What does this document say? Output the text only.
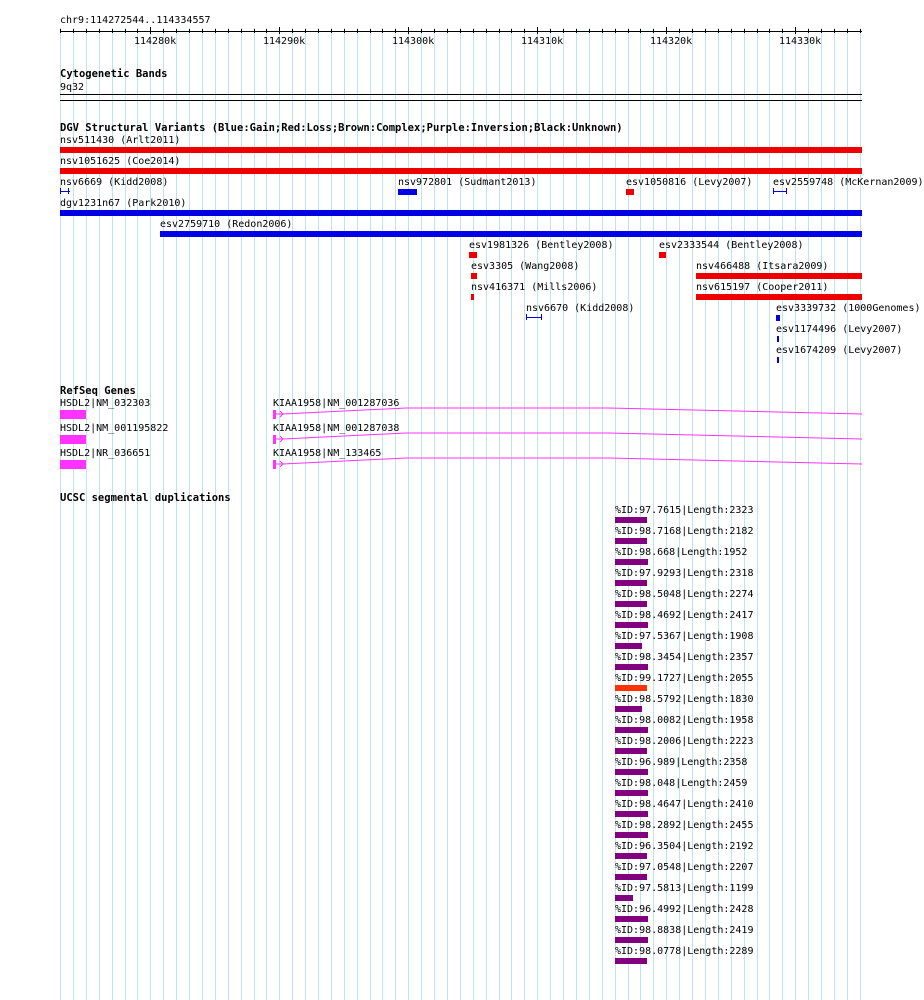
chr9:114272544..114334557
114280k	114290k	114300k	114310k	114320k	114330k
Cytogenetic Bands
9q32
DGV Structural Variants (Blue:Gain;Red:Loss;Brown:Complex;Purple:Inversion;Black:Unknown)
nsv511430 (Arlt2011)
nsv1051625 (Coe2014)
nsv6669 (Kidd2008)	nsv972801 (Sudmant2013)	esv1050816 (Levy2007) esv2559748 (McKernan2009)
dgv1231n67 (Park2010)
esv2759710 (Redon2006)
esv1981326 (Bentley2008)	esv2333544 (Bentley2008)
esv3305 (Wang2008)	nsv466488 (Itsara2009)
nsv416371 (Mills2006)	nsv615197 (Cooper2011)
nsv6670 (Kidd2008)	esv3339732 (1000Genomes)
esv1174496 (Levy2007)
esv1674209 (Levy2007)
RefSeq Genes
HSDL2|NM_032303
HSDL2|NM_001195822
HSDL2|NR_036651
KIAA1958|NM_001287036
KIAA1958|NM_001287038
KIAA1958|NM_133465
UCSC segmental duplications
%ID:97.7615|Length:2323
%ID:98.7168|Length:2182
%ID:98.668|Length:1952
%ID:97.9293|Length:2318
%ID:98.5048|Length:2274
%ID:98.4692|Length:2417
%ID:97.5367|Length:1908
%ID:98.3454|Length:2357
%ID:99.1727|Length:2055
%ID:98.5792|Length:1830
%ID:98.0082|Length:1958
%ID:98.2006|Length:2223
%ID:96.989|Length:2358
%ID:98.048|Length:2459
%ID:98.4647|Length:2410
%ID:98.2892|Length:2455
%ID:96.3504|Length:2192
%ID:97.0548|Length:2207
%ID:97.5813|Length:1199
%ID:96.4992|Length:2428
%ID:98.8838|Length:2419
%ID:98.0778|Length:2289
